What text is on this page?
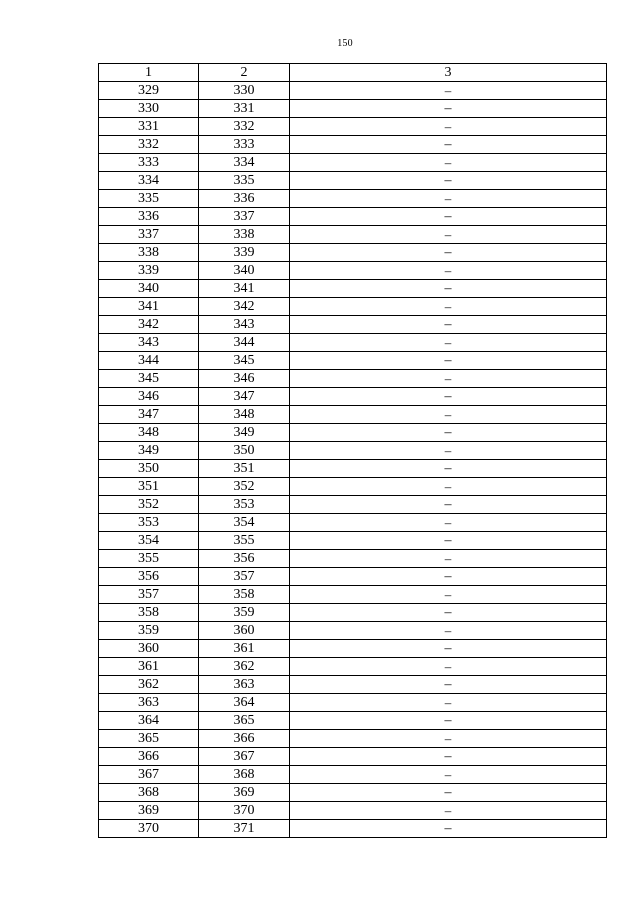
150
1	2	3
329	330	–
330	331	–
331	332	–
332	333	–
333	334	–
334	335	–
335	336	–
336	337	–
337	338	–
338	339	–
339	340	–
340	341	–
341	342	–
342	343	–
343	344	–
344	345	–
345	346	–
346	347	–
347	348	–
348	349	–
349	350	–
350	351	–
351	352	–
352	353	–
353	354	–
354	355	–
355	356	–
356	357	–
357	358	–
358	359	–
359	360	–
360	361	–
361	362	–
362	363	–
363	364	–
364	365	–
365	366	–
366	367	–
367	368	–
368	369	–
369	370	–
370	371	–
